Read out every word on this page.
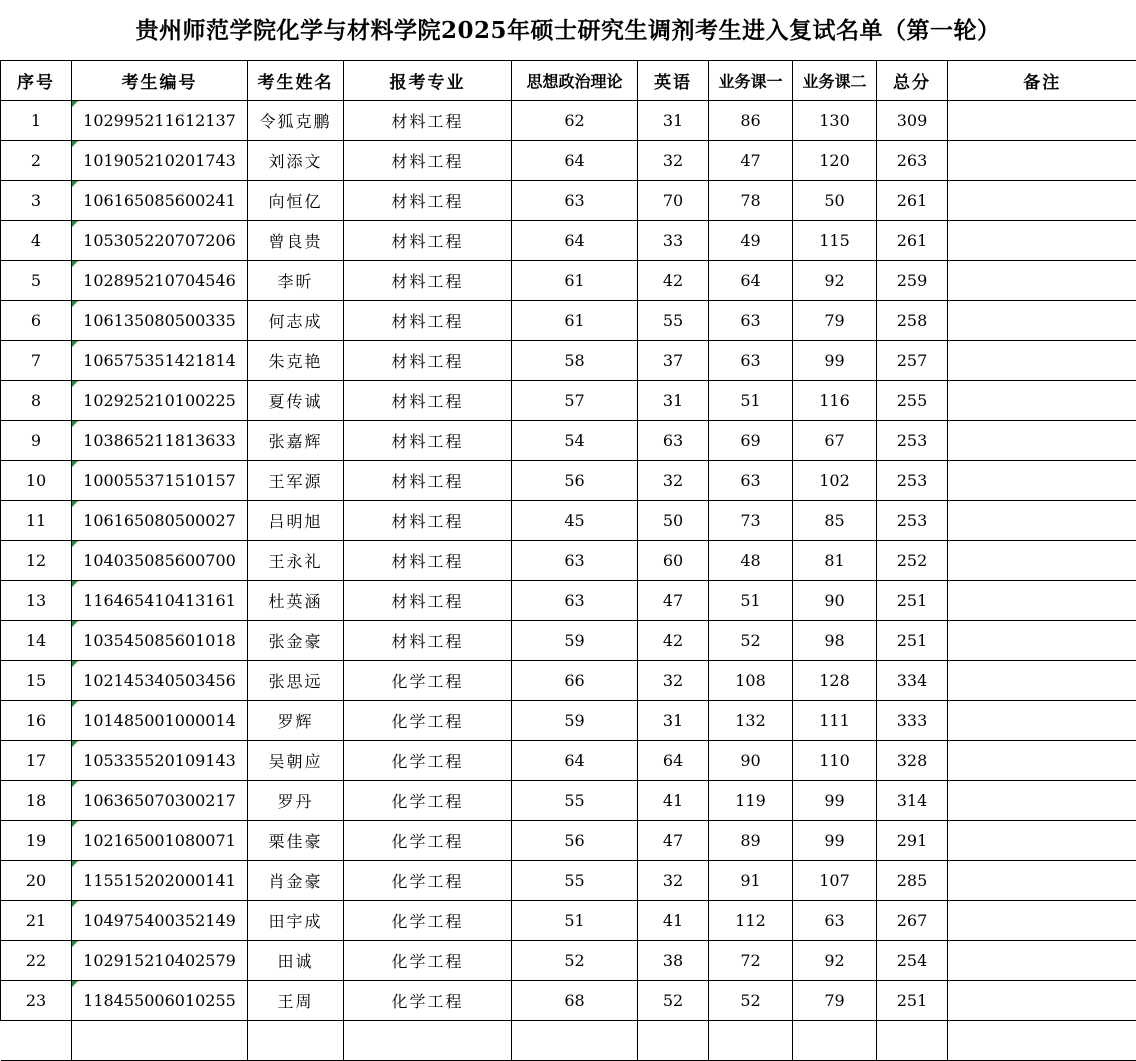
贵州师范学院化学与材料学院2025年硕士研究生调剂考生进入复试名单（第一轮）
序号	考生编号	考生姓名	报考专业	思想政治理论	英语	业务课一	业务课二	总分	备注
1	102995211612137	令狐克鹏	材料工程	62	31	86	130	309	
2	101905210201743	刘添文	材料工程	64	32	47	120	263	
3	106165085600241	向恒亿	材料工程	63	70	78	50	261	
4	105305220707206	曾良贵	材料工程	64	33	49	115	261	
5	102895210704546	李昕	材料工程	61	42	64	92	259	
6	106135080500335	何志成	材料工程	61	55	63	79	258	
7	106575351421814	朱克艳	材料工程	58	37	63	99	257	
8	102925210100225	夏传诚	材料工程	57	31	51	116	255	
9	103865211813633	张嘉辉	材料工程	54	63	69	67	253	
10	100055371510157	王军源	材料工程	56	32	63	102	253	
11	106165080500027	吕明旭	材料工程	45	50	73	85	253	
12	104035085600700	王永礼	材料工程	63	60	48	81	252	
13	116465410413161	杜英涵	材料工程	63	47	51	90	251	
14	103545085601018	张金豪	材料工程	59	42	52	98	251	
15	102145340503456	张思远	化学工程	66	32	108	128	334	
16	101485001000014	罗辉	化学工程	59	31	132	111	333	
17	105335520109143	吴朝应	化学工程	64	64	90	110	328	
18	106365070300217	罗丹	化学工程	55	41	119	99	314	
19	102165001080071	栗佳豪	化学工程	56	47	89	99	291	
20	115515202000141	肖金豪	化学工程	55	32	91	107	285	
21	104975400352149	田宇成	化学工程	51	41	112	63	267	
22	102915210402579	田诚	化学工程	52	38	72	92	254	
23	118455006010255	王周	化学工程	68	52	52	79	251	
